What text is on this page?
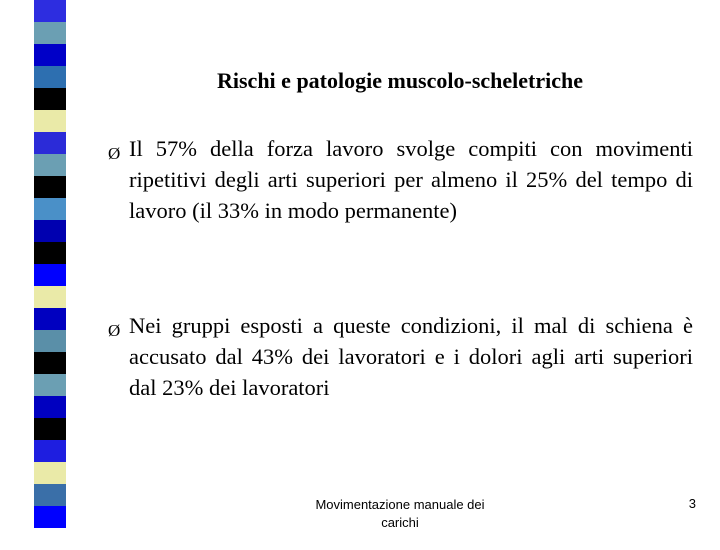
Rischi e patologie muscolo-scheletriche
Ø Il 57% della forza lavoro svolge compiti con movimenti ripetitivi degli arti superiori per almeno il 25% del tempo di lavoro (il 33% in modo permanente)

Ø Nei gruppi esposti a queste condizioni, il mal di schiena è accusato dal 43% dei lavoratori e i dolori agli arti superiori dal 23% dei lavoratori

Movimentazione manuale dei carichi
3
